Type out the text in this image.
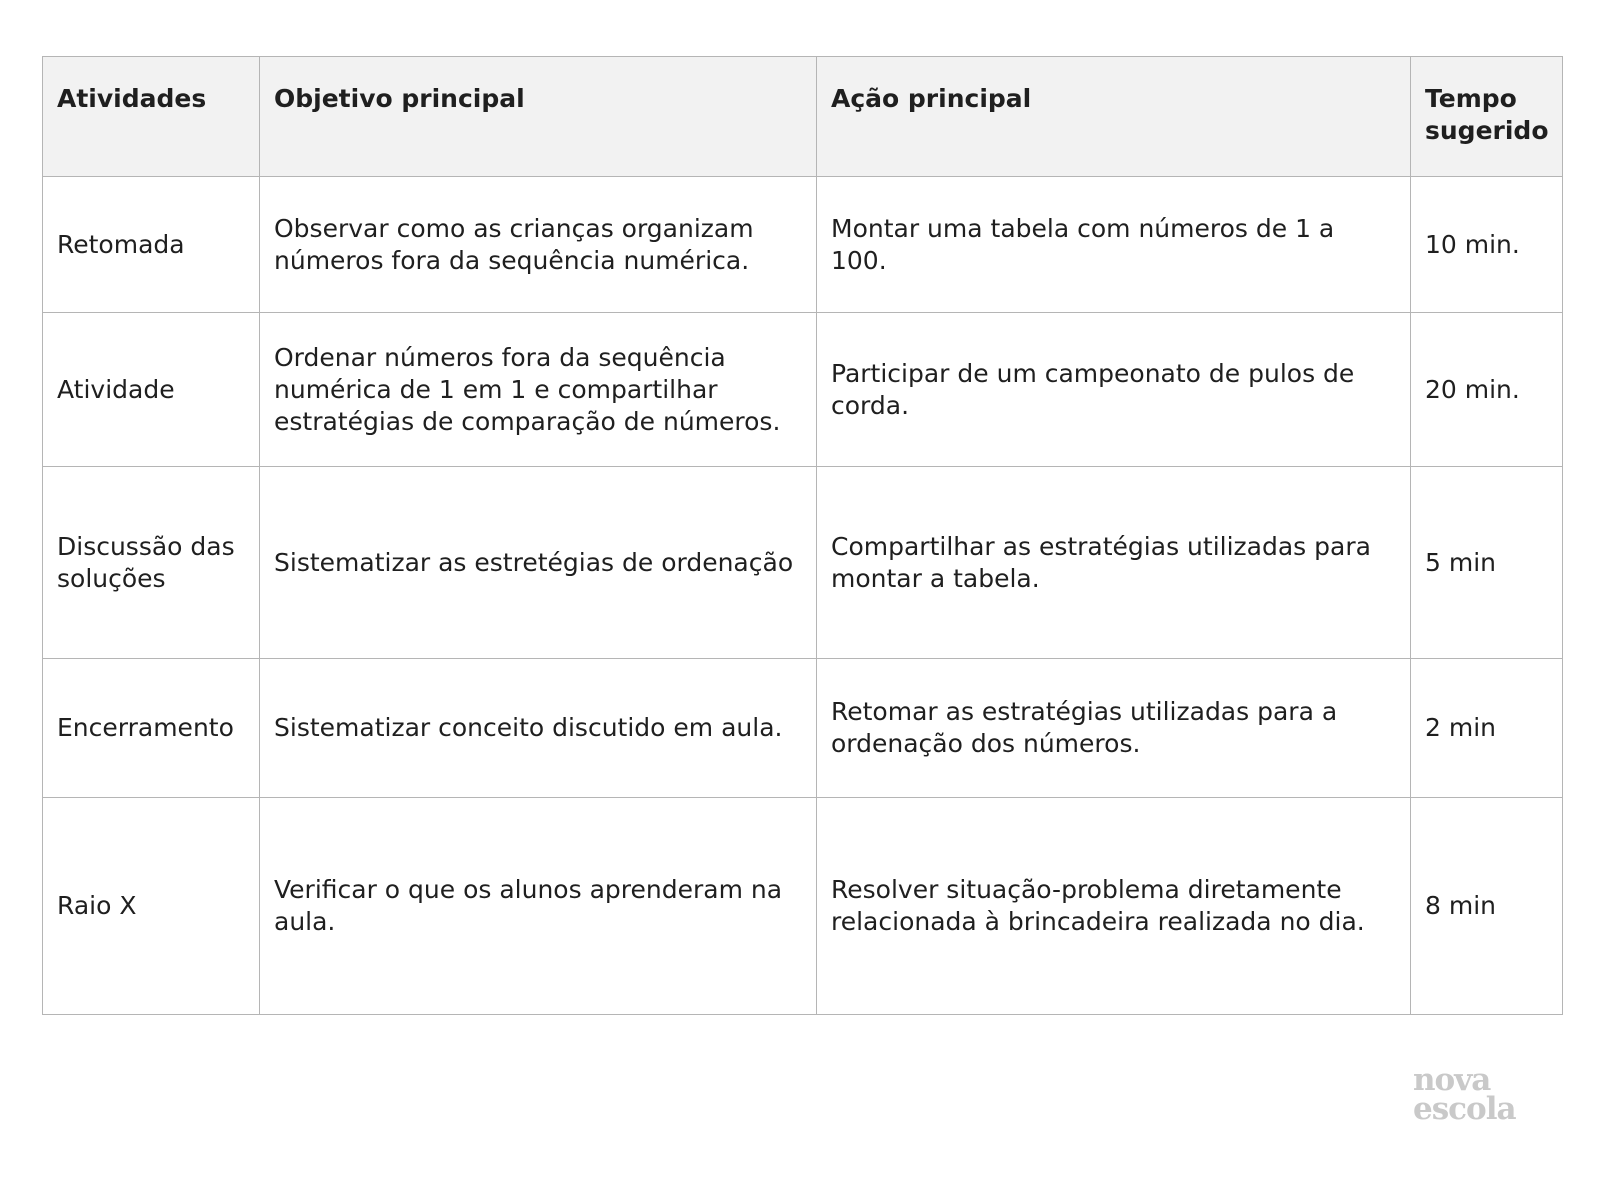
Atividades	Objetivo principal	Ação principal	Tempo sugerido
Retomada	Observar como as crianças organizam números fora da sequência numérica.	Montar uma tabela com números de 1 a 100.	10 min.
Atividade	Ordenar números fora da sequência numérica de 1 em 1 e compartilhar estratégias de comparação de números.	Participar de um campeonato de pulos de corda.	20 min.
Discussão das soluções	Sistematizar as estretégias de ordenação	Compartilhar as estratégias utilizadas para montar a tabela.	5 min
Encerramento	Sistematizar conceito discutido em aula.	Retomar as estratégias utilizadas para a ordenação dos números.	2 min
Raio X	Verificar o que os alunos aprenderam na aula.	Resolver situação-problema diretamente relacionada à brincadeira realizada no dia.	8 min
nova
escola
